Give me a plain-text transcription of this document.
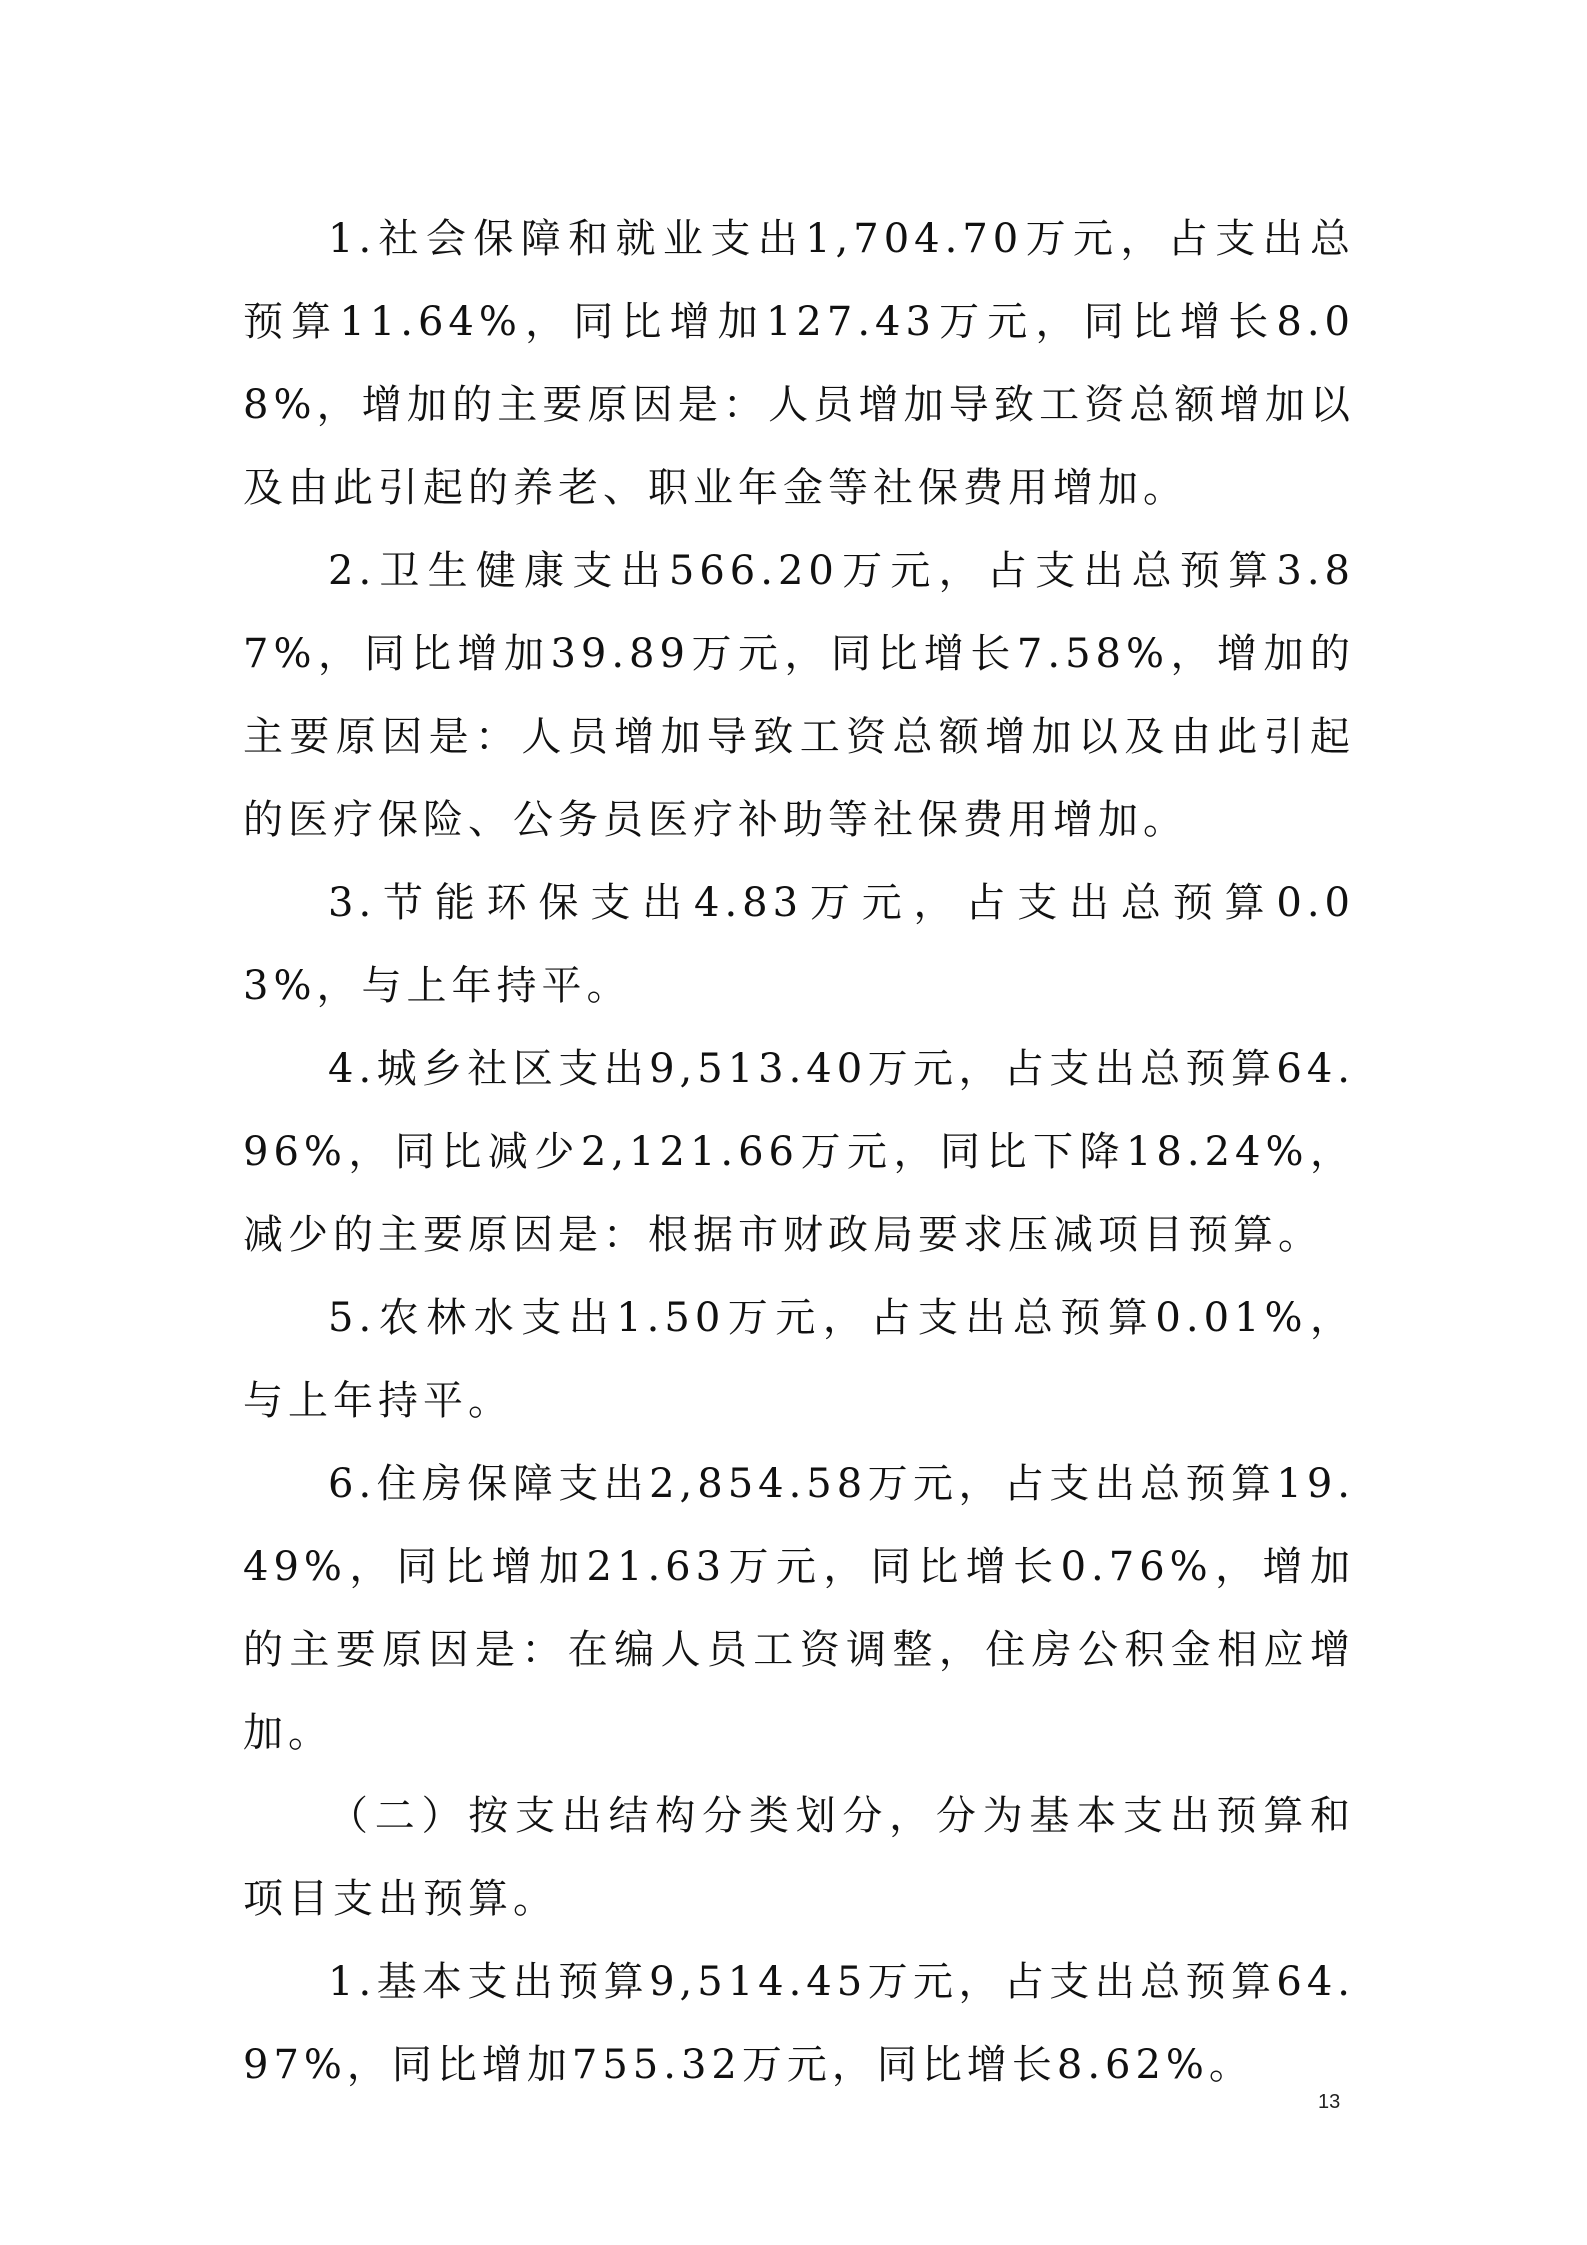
1.社会保障和就业支出1,704.70万元，占支出总预算11.64%，同比增加127.43万元，同比增长8.08%，增加的主要原因是：人员增加导致工资总额增加以及由此引起的养老、职业年金等社保费用增加。

2.卫生健康支出566.20万元，占支出总预算3.87%，同比增加39.89万元，同比增长7.58%，增加的主要原因是：人员增加导致工资总额增加以及由此引起的医疗保险、公务员医疗补助等社保费用增加。

3.节能环保支出4.83万元，占支出总预算0.03%，与上年持平。

4.城乡社区支出9,513.40万元，占支出总预算64.96%，同比减少2,121.66万元，同比下降18.24%，减少的主要原因是：根据市财政局要求压减项目预算。

5.农林水支出1.50万元，占支出总预算0.01%，与上年持平。

6.住房保障支出2,854.58万元，占支出总预算19.49%，同比增加21.63万元，同比增长0.76%，增加的主要原因是：在编人员工资调整，住房公积金相应增加。

（二）按支出结构分类划分，分为基本支出预算和项目支出预算。

1.基本支出预算9,514.45万元，占支出总预算64.97%，同比增加755.32万元，同比增长8.62%。

13
